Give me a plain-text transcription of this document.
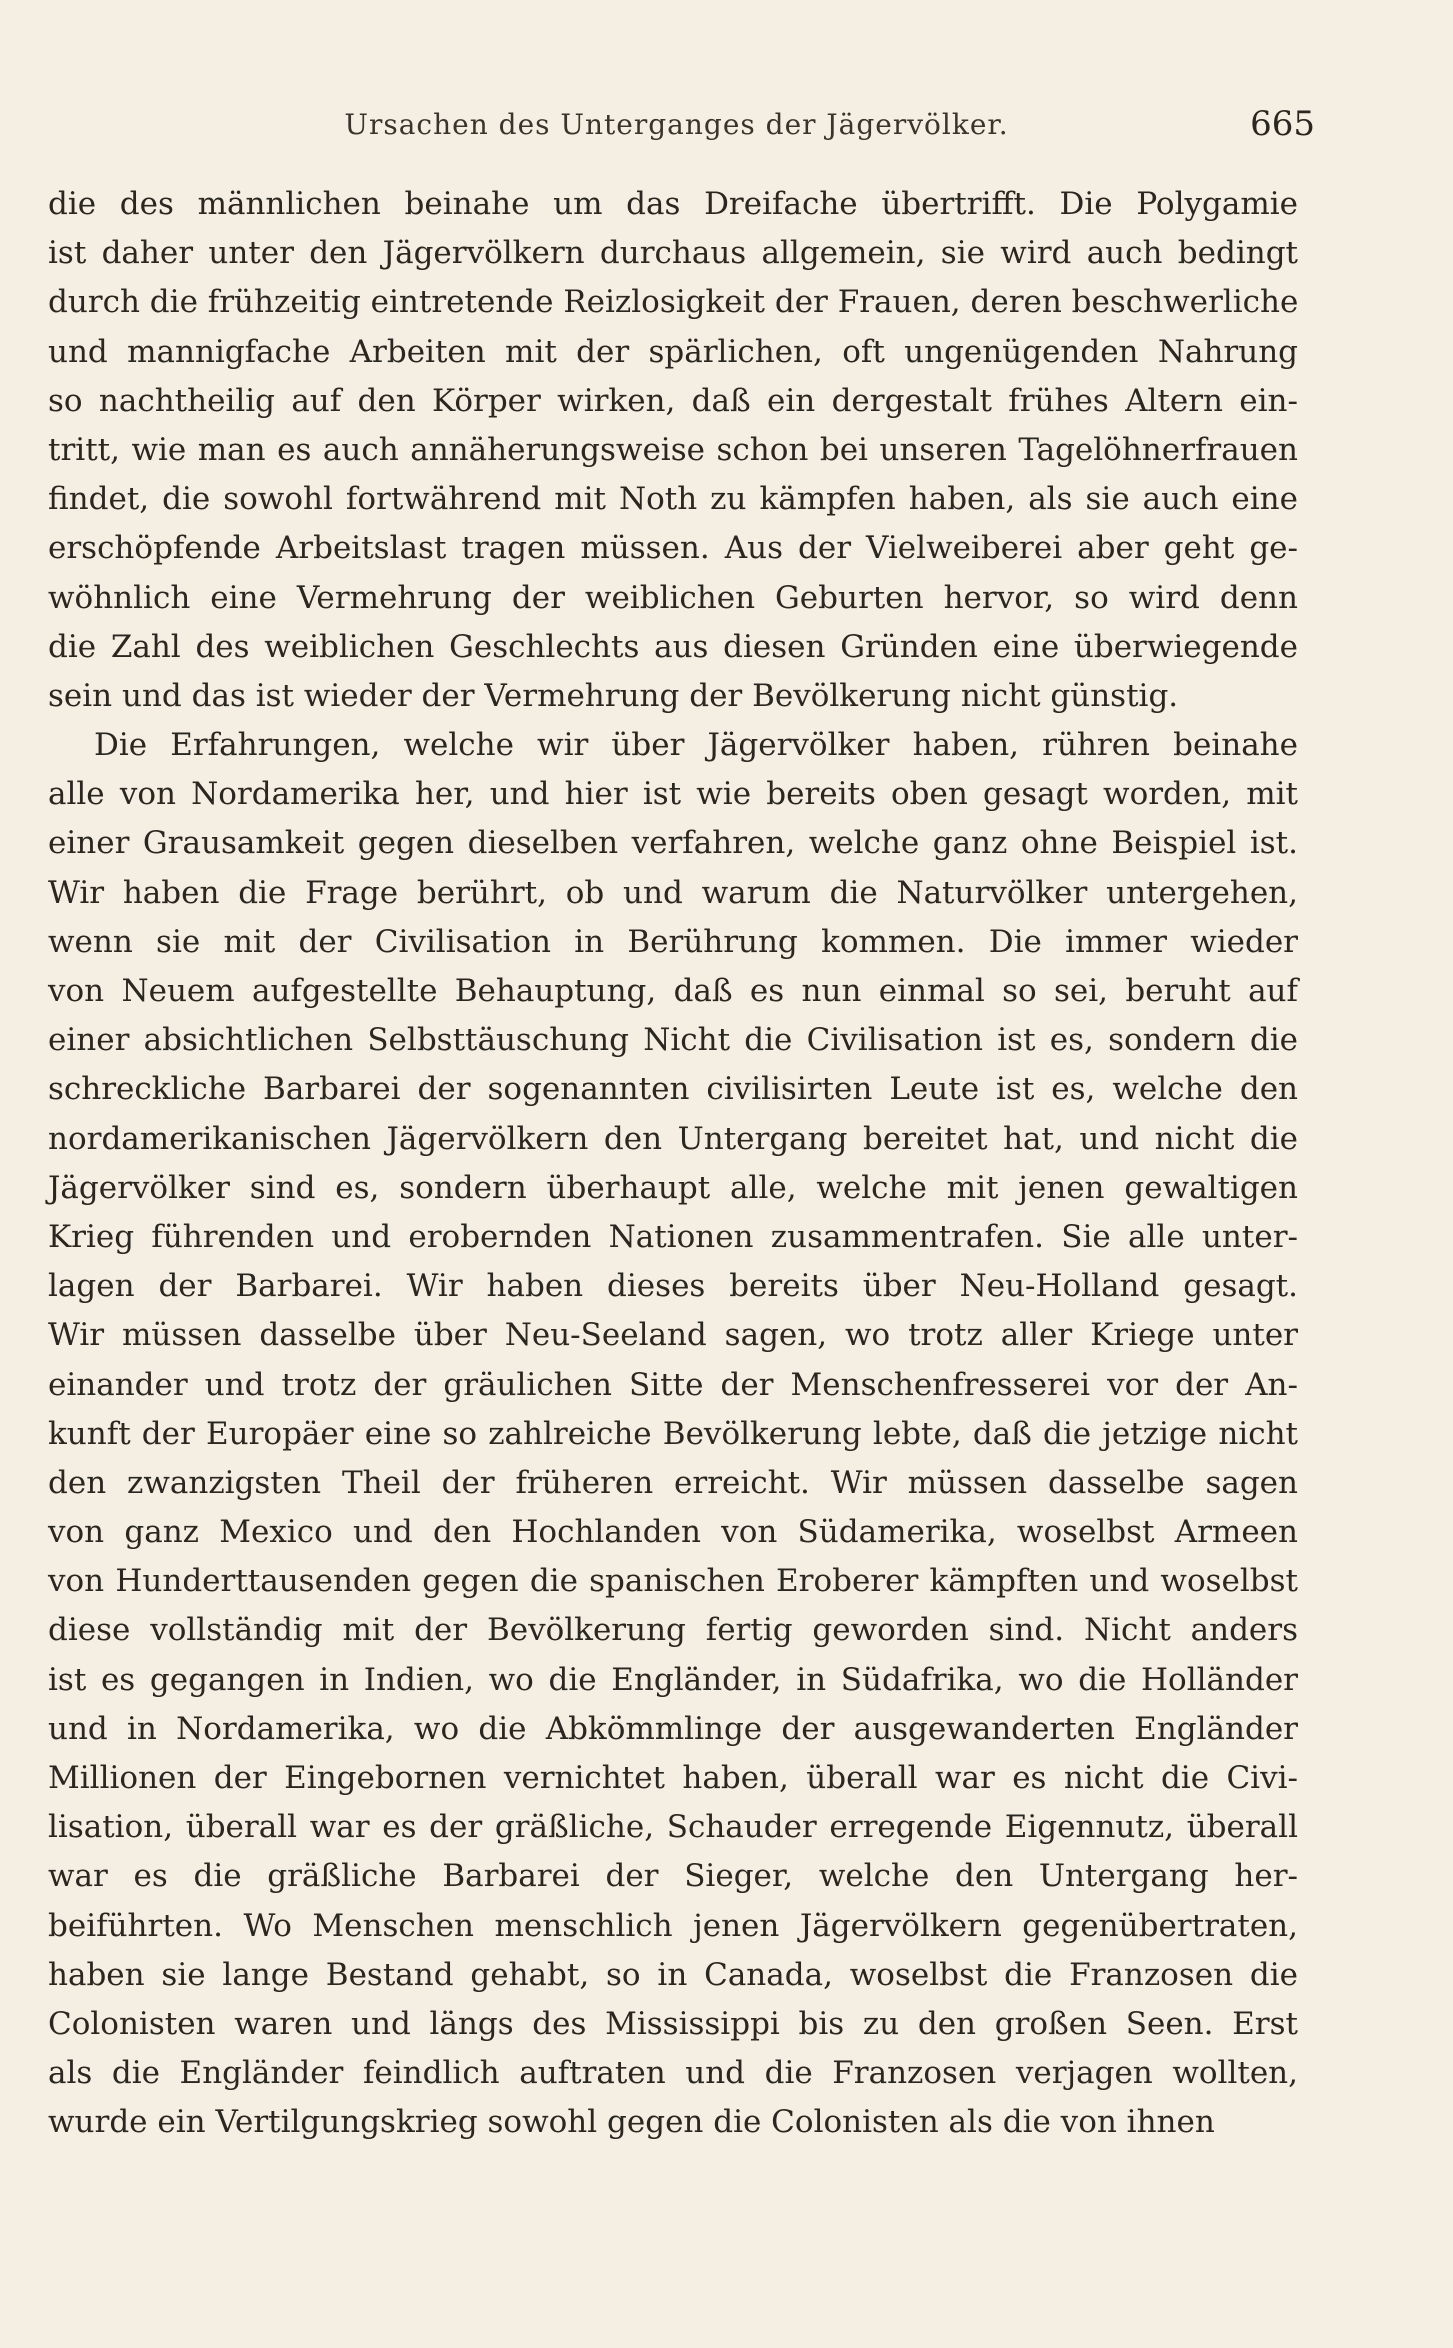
Ursachen des Unterganges der Jägervölker.	665
die des männlichen beinahe um das Dreifache übertrifft. Die Polygamie
ist daher unter den Jägervölkern durchaus allgemein, sie wird auch bedingt
durch die frühzeitig eintretende Reizlosigkeit der Frauen, deren beschwerliche
und mannigfache Arbeiten mit der spärlichen, oft ungenügenden Nahrung
so nachtheilig auf den Körper wirken, daß ein dergestalt frühes Altern ein-
tritt, wie man es auch annäherungsweise schon bei unseren Tagelöhnerfrauen
findet, die sowohl fortwährend mit Noth zu kämpfen haben, als sie auch eine
erschöpfende Arbeitslast tragen müssen. Aus der Vielweiberei aber geht ge-
wöhnlich eine Vermehrung der weiblichen Geburten hervor, so wird denn
die Zahl des weiblichen Geschlechts aus diesen Gründen eine überwiegende
sein und das ist wieder der Vermehrung der Bevölkerung nicht günstig.
Die Erfahrungen, welche wir über Jägervölker haben, rühren beinahe
alle von Nordamerika her, und hier ist wie bereits oben gesagt worden, mit
einer Grausamkeit gegen dieselben verfahren, welche ganz ohne Beispiel ist.
Wir haben die Frage berührt, ob und warum die Naturvölker untergehen,
wenn sie mit der Civilisation in Berührung kommen. Die immer wieder
von Neuem aufgestellte Behauptung, daß es nun einmal so sei, beruht auf
einer absichtlichen Selbsttäuschung Nicht die Civilisation ist es, sondern die
schreckliche Barbarei der sogenannten civilisirten Leute ist es, welche den
nordamerikanischen Jägervölkern den Untergang bereitet hat, und nicht die
Jägervölker sind es, sondern überhaupt alle, welche mit jenen gewaltigen
Krieg führenden und erobernden Nationen zusammentrafen. Sie alle unter-
lagen der Barbarei. Wir haben dieses bereits über Neu-Holland gesagt.
Wir müssen dasselbe über Neu-Seeland sagen, wo trotz aller Kriege unter
einander und trotz der gräulichen Sitte der Menschenfresserei vor der An-
kunft der Europäer eine so zahlreiche Bevölkerung lebte, daß die jetzige nicht
den zwanzigsten Theil der früheren erreicht. Wir müssen dasselbe sagen
von ganz Mexico und den Hochlanden von Südamerika, woselbst Armeen
von Hunderttausenden gegen die spanischen Eroberer kämpften und woselbst
diese vollständig mit der Bevölkerung fertig geworden sind. Nicht anders
ist es gegangen in Indien, wo die Engländer, in Südafrika, wo die Holländer
und in Nordamerika, wo die Abkömmlinge der ausgewanderten Engländer
Millionen der Eingebornen vernichtet haben, überall war es nicht die Civi-
lisation, überall war es der gräßliche, Schauder erregende Eigennutz, überall
war es die gräßliche Barbarei der Sieger, welche den Untergang her-
beiführten. Wo Menschen menschlich jenen Jägervölkern gegenübertraten,
haben sie lange Bestand gehabt, so in Canada, woselbst die Franzosen die
Colonisten waren und längs des Mississippi bis zu den großen Seen. Erst
als die Engländer feindlich auftraten und die Franzosen verjagen wollten,
wurde ein Vertilgungskrieg sowohl gegen die Colonisten als die von ihnen
